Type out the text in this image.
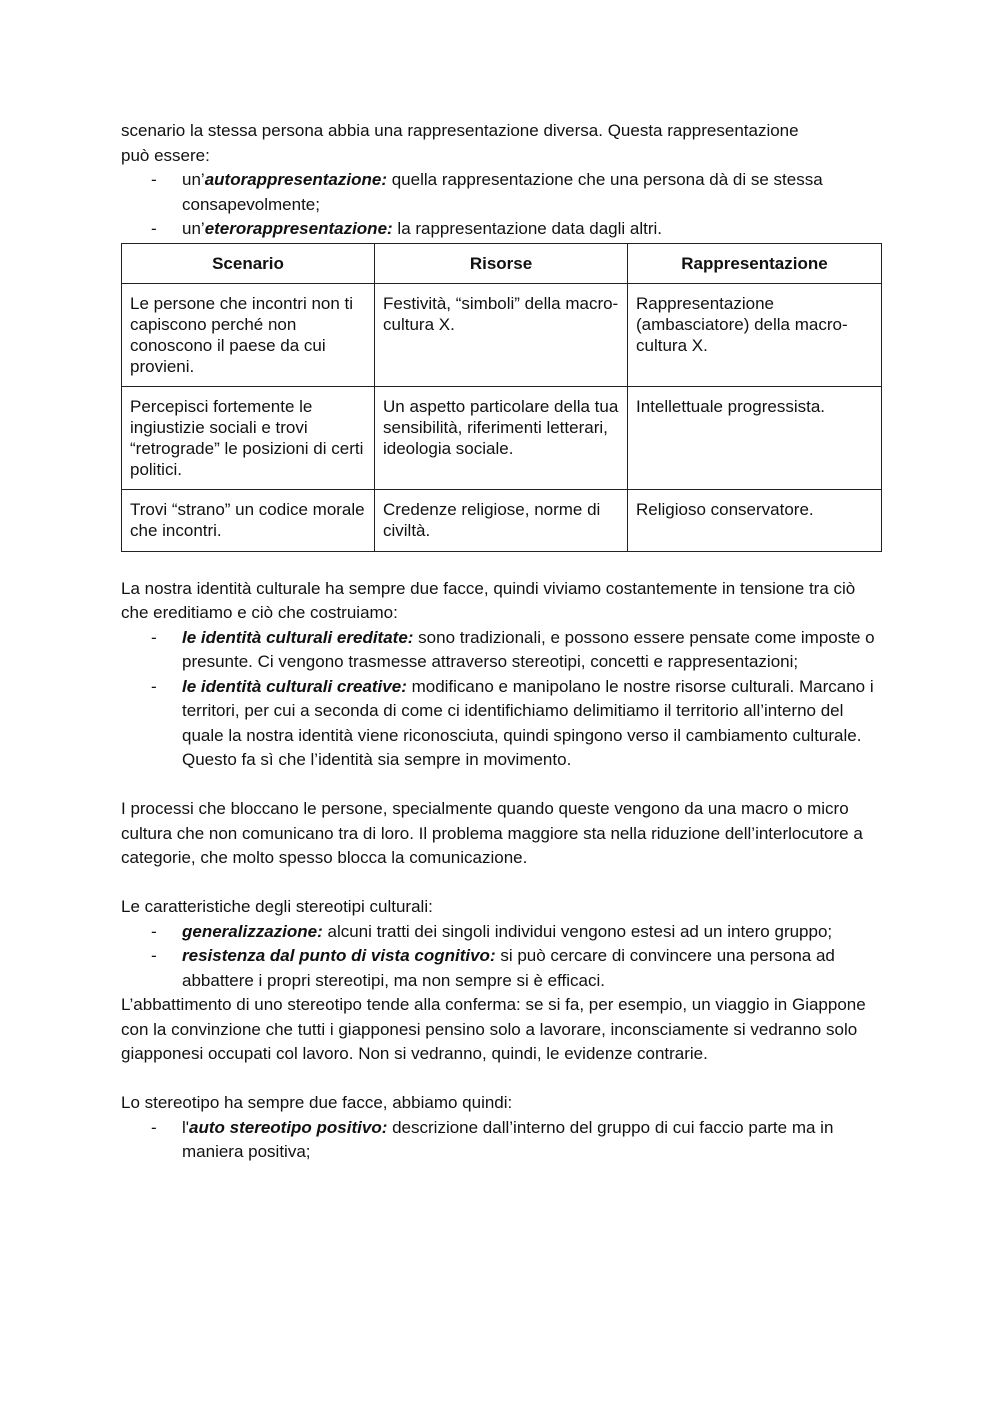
scenario la stessa persona abbia una rappresentazione diversa. Questa rappresentazione
può essere:

- un’autorappresentazione: quella rappresentazione che una persona dà di se stessa consapevolmente;
- un’eterorappresentazione: la rappresentazione data dagli altri.
Scenario	Risorse	Rappresentazione
Le persone che incontri non ti capiscono perché non conoscono il paese da cui provieni.	Festività, “simboli” della macro-cultura X.	Rappresentazione (ambasciatore) della macro-cultura X.
Percepisci fortemente le ingiustizie sociali e trovi “retrograde” le posizioni di certi politici.	Un aspetto particolare della tua sensibilità, riferimenti letterari, ideologia sociale.	Intellettuale progressista.
Trovi “strano” un codice morale che incontri.	Credenze religiose, norme di civiltà.	Religioso conservatore.

La nostra identità culturale ha sempre due facce, quindi viviamo costantemente in tensione tra ciò che ereditiamo e ciò che costruiamo:

- le identità culturali ereditate: sono tradizionali, e possono essere pensate come imposte o presunte. Ci vengono trasmesse attraverso stereotipi, concetti e rappresentazioni;
- le identità culturali creative: modificano e manipolano le nostre risorse culturali. Marcano i territori, per cui a seconda di come ci identifichiamo delimitiamo il territorio all’interno del quale la nostra identità viene riconosciuta, quindi spingono verso il cambiamento culturale. Questo fa sì che l’identità sia sempre in movimento.

I processi che bloccano le persone, specialmente quando queste vengono da una macro o micro cultura che non comunicano tra di loro. Il problema maggiore sta nella riduzione dell’interlocutore a categorie, che molto spesso blocca la comunicazione.

Le caratteristiche degli stereotipi culturali:

- generalizzazione: alcuni tratti dei singoli individui vengono estesi ad un intero gruppo;
- resistenza dal punto di vista cognitivo: si può cercare di convincere una persona ad abbattere i propri stereotipi, ma non sempre si è efficaci.

L’abbattimento di uno stereotipo tende alla conferma: se si fa, per esempio, un viaggio in Giappone con la convinzione che tutti i giapponesi pensino solo a lavorare, inconsciamente si vedranno solo giapponesi occupati col lavoro. Non si vedranno, quindi, le evidenze contrarie.

Lo stereotipo ha sempre due facce, abbiamo quindi:

- l'auto stereotipo positivo: descrizione dall’interno del gruppo di cui faccio parte ma in maniera positiva;
